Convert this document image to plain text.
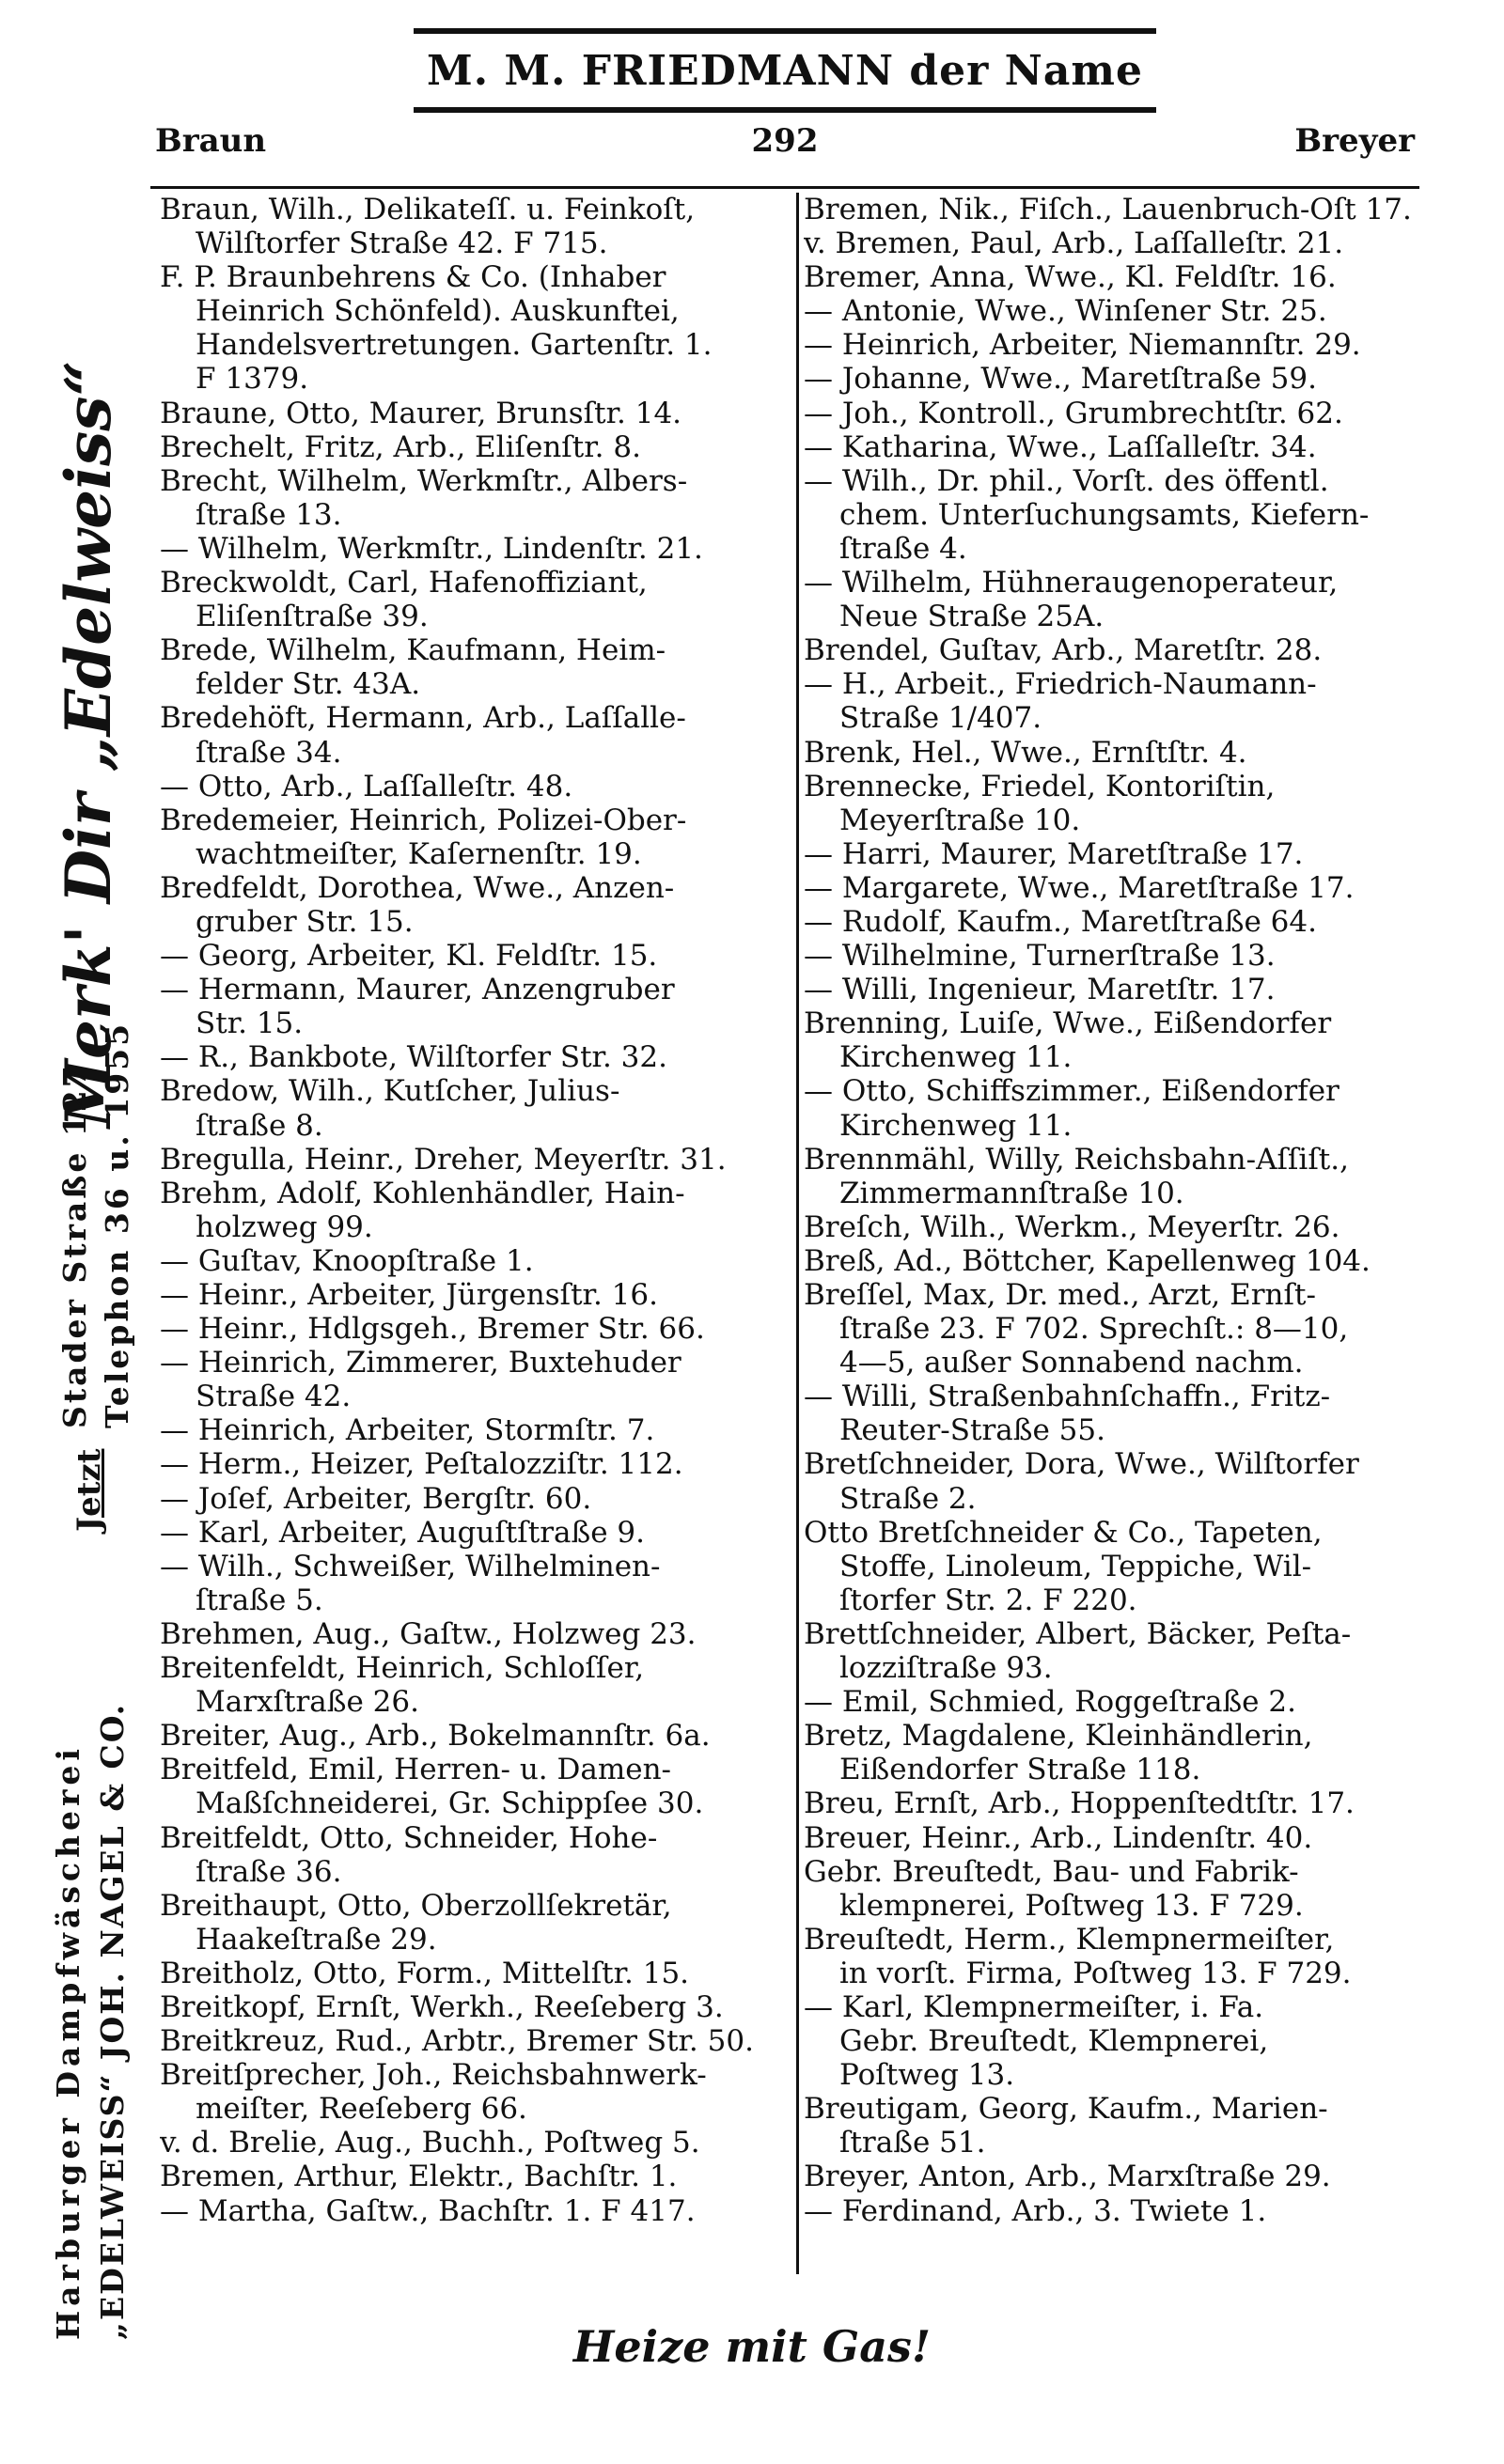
M. M. FRIEDMANN der Name
Braun	292	Breyer
Braun, Wilh., Delikateſſ. u. Feinkoſt,
Wilſtorfer Straße 42. F 715.
F. P. Braunbehrens & Co. (Inhaber
Heinrich Schönfeld). Auskunftei,
Handelsvertretungen. Gartenſtr. 1.
F 1379.
Braune, Otto, Maurer, Brunsſtr. 14.
Brechelt, Fritz, Arb., Eliſenſtr. 8.
Brecht, Wilhelm, Werkmſtr., Albers-
ſtraße 13.
— Wilhelm, Werkmſtr., Lindenſtr. 21.
Breckwoldt, Carl, Hafenoffiziant,
Eliſenſtraße 39.
Brede, Wilhelm, Kaufmann, Heim-
felder Str. 43A.
Bredehöft, Hermann, Arb., Laſſalle-
ſtraße 34.
— Otto, Arb., Laſſalleſtr. 48.
Bredemeier, Heinrich, Polizei-Ober-
wachtmeiſter, Kaſernenſtr. 19.
Bredfeldt, Dorothea, Wwe., Anzen-
gruber Str. 15.
— Georg, Arbeiter, Kl. Feldſtr. 15.
— Hermann, Maurer, Anzengruber
Str. 15.
— R., Bankbote, Wilſtorfer Str. 32.
Bredow, Wilh., Kutſcher, Julius-
ſtraße 8.
Bregulla, Heinr., Dreher, Meyerſtr. 31.
Brehm, Adolf, Kohlenhändler, Hain-
holzweg 99.
— Guſtav, Knoopſtraße 1.
— Heinr., Arbeiter, Jürgensſtr. 16.
— Heinr., Hdlgsgeh., Bremer Str. 66.
— Heinrich, Zimmerer, Buxtehuder
Straße 42.
— Heinrich, Arbeiter, Stormſtr. 7.
— Herm., Heizer, Peſtalozziſtr. 112.
— Joſef, Arbeiter, Bergſtr. 60.
— Karl, Arbeiter, Auguſtſtraße 9.
— Wilh., Schweißer, Wilhelminen-
ſtraße 5.
Brehmen, Aug., Gaſtw., Holzweg 23.
Breitenfeldt, Heinrich, Schloſſer,
Marxſtraße 26.
Breiter, Aug., Arb., Bokelmannſtr. 6a.
Breitfeld, Emil, Herren- u. Damen-
Maßſchneiderei, Gr. Schippſee 30.
Breitfeldt, Otto, Schneider, Hohe-
ſtraße 36.
Breithaupt, Otto, Oberzollſekretär,
Haakeſtraße 29.
Breitholz, Otto, Form., Mittelſtr. 15.
Breitkopf, Ernſt, Werkh., Reeſeberg 3.
Breitkreuz, Rud., Arbtr., Bremer Str. 50.
Breitſprecher, Joh., Reichsbahnwerk-
meiſter, Reeſeberg 66.
v. d. Brelie, Aug., Buchh., Poſtweg 5.
Bremen, Arthur, Elektr., Bachſtr. 1.
— Martha, Gaſtw., Bachſtr. 1. F 417.
Bremen, Nik., Fiſch., Lauenbruch-Oſt 17.
v. Bremen, Paul, Arb., Laſſalleſtr. 21.
Bremer, Anna, Wwe., Kl. Feldſtr. 16.
— Antonie, Wwe., Winſener Str. 25.
— Heinrich, Arbeiter, Niemannſtr. 29.
— Johanne, Wwe., Maretſtraße 59.
— Joh., Kontroll., Grumbrechtſtr. 62.
— Katharina, Wwe., Laſſalleſtr. 34.
— Wilh., Dr. phil., Vorſt. des öffentl.
chem. Unterſuchungsamts, Kiefern-
ſtraße 4.
— Wilhelm, Hühneraugenoperateur,
Neue Straße 25A.
Brendel, Guſtav, Arb., Maretſtr. 28.
— H., Arbeit., Friedrich-Naumann-
Straße 1/407.
Brenk, Hel., Wwe., Ernſtſtr. 4.
Brennecke, Friedel, Kontoriſtin,
Meyerſtraße 10.
— Harri, Maurer, Maretſtraße 17.
— Margarete, Wwe., Maretſtraße 17.
— Rudolf, Kaufm., Maretſtraße 64.
— Wilhelmine, Turnerſtraße 13.
— Willi, Ingenieur, Maretſtr. 17.
Brenning, Luiſe, Wwe., Eißendorfer
Kirchenweg 11.
— Otto, Schiffszimmer., Eißendorfer
Kirchenweg 11.
Brennmähl, Willy, Reichsbahn-Aſſiſt.,
Zimmermannſtraße 10.
Breſch, Wilh., Werkm., Meyerſtr. 26.
Breß, Ad., Böttcher, Kapellenweg 104.
Breſſel, Max, Dr. med., Arzt, Ernſt-
ſtraße 23. F 702. Sprechſt.: 8—10,
4—5, außer Sonnabend nachm.
— Willi, Straßenbahnſchaffn., Fritz-
Reuter-Straße 55.
Bretſchneider, Dora, Wwe., Wilſtorfer
Straße 2.
Otto Bretſchneider & Co., Tapeten,
Stoffe, Linoleum, Teppiche, Wil-
ſtorfer Str. 2. F 220.
Brettſchneider, Albert, Bäcker, Peſta-
lozziſtraße 93.
— Emil, Schmied, Roggeſtraße 2.
Bretz, Magdalene, Kleinhändlerin,
Eißendorfer Straße 118.
Breu, Ernſt, Arb., Hoppenſtedtſtr. 17.
Breuer, Heinr., Arb., Lindenſtr. 40.
Gebr. Breuſtedt, Bau- und Fabrik-
klempnerei, Poſtweg 13. F 729.
Breuſtedt, Herm., Klempnermeiſter,
in vorſt. Firma, Poſtweg 13. F 729.
— Karl, Klempnermeiſter, i. Fa.
Gebr. Breuſtedt, Klempnerei,
Poſtweg 13.
Breutigam, Georg, Kaufm., Marien-
ſtraße 51.
Breyer, Anton, Arb., Marxſtraße 29.
— Ferdinand, Arb., 3. Twiete 1.
Merk' Dir „Edelweiss“
Stader Straße 127 Telephon 36 u. 1955
Jetzt
Harburger Dampfwäscherei „EDELWEISS“ JOH. NAGEL & CO.
Heize mit Gas!
